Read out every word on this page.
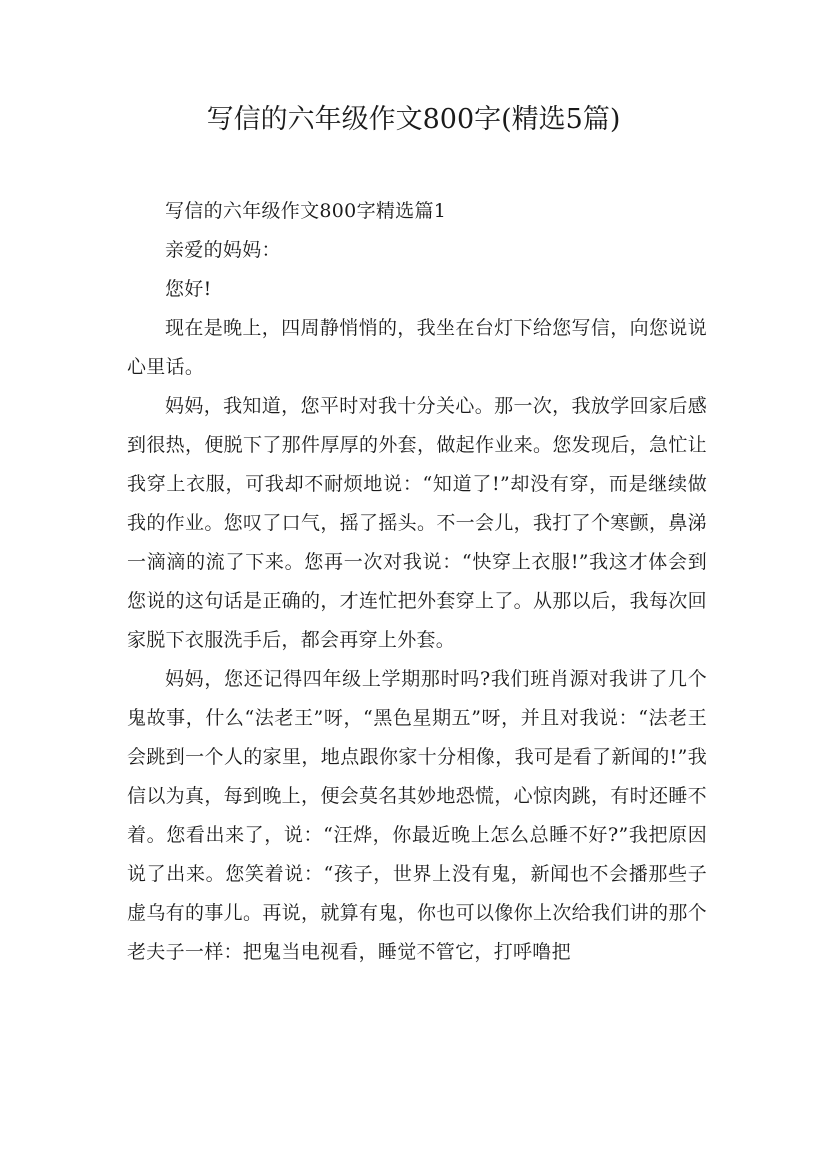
写信的六年级作文800字(精选5篇)

写信的六年级作文800字精选篇1

亲爱的妈妈：

您好!

现在是晚上，四周静悄悄的，我坐在台灯下给您写信，向您说说心里话。

妈妈，我知道，您平时对我十分关心。那一次，我放学回家后感到很热，便脱下了那件厚厚的外套，做起作业来。您发现后，急忙让我穿上衣服，可我却不耐烦地说：“知道了!”却没有穿，而是继续做我的作业。您叹了口气，摇了摇头。不一会儿，我打了个寒颤，鼻涕一滴滴的流了下来。您再一次对我说：“快穿上衣服!”我这才体会到您说的这句话是正确的，才连忙把外套穿上了。从那以后，我每次回家脱下衣服洗手后，都会再穿上外套。

妈妈，您还记得四年级上学期那时吗?我们班肖源对我讲了几个鬼故事，什么“法老王”呀，“黑色星期五”呀，并且对我说：“法老王会跳到一个人的家里，地点跟你家十分相像，我可是看了新闻的!”我信以为真，每到晚上，便会莫名其妙地恐慌，心惊肉跳，有时还睡不着。您看出来了，说：“汪烨，你最近晚上怎么总睡不好?”我把原因说了出来。您笑着说：“孩子，世界上没有鬼，新闻也不会播那些子虚乌有的事儿。再说，就算有鬼，你也可以像你上次给我们讲的那个老夫子一样：把鬼当电视看，睡觉不管它，打呼噜把
